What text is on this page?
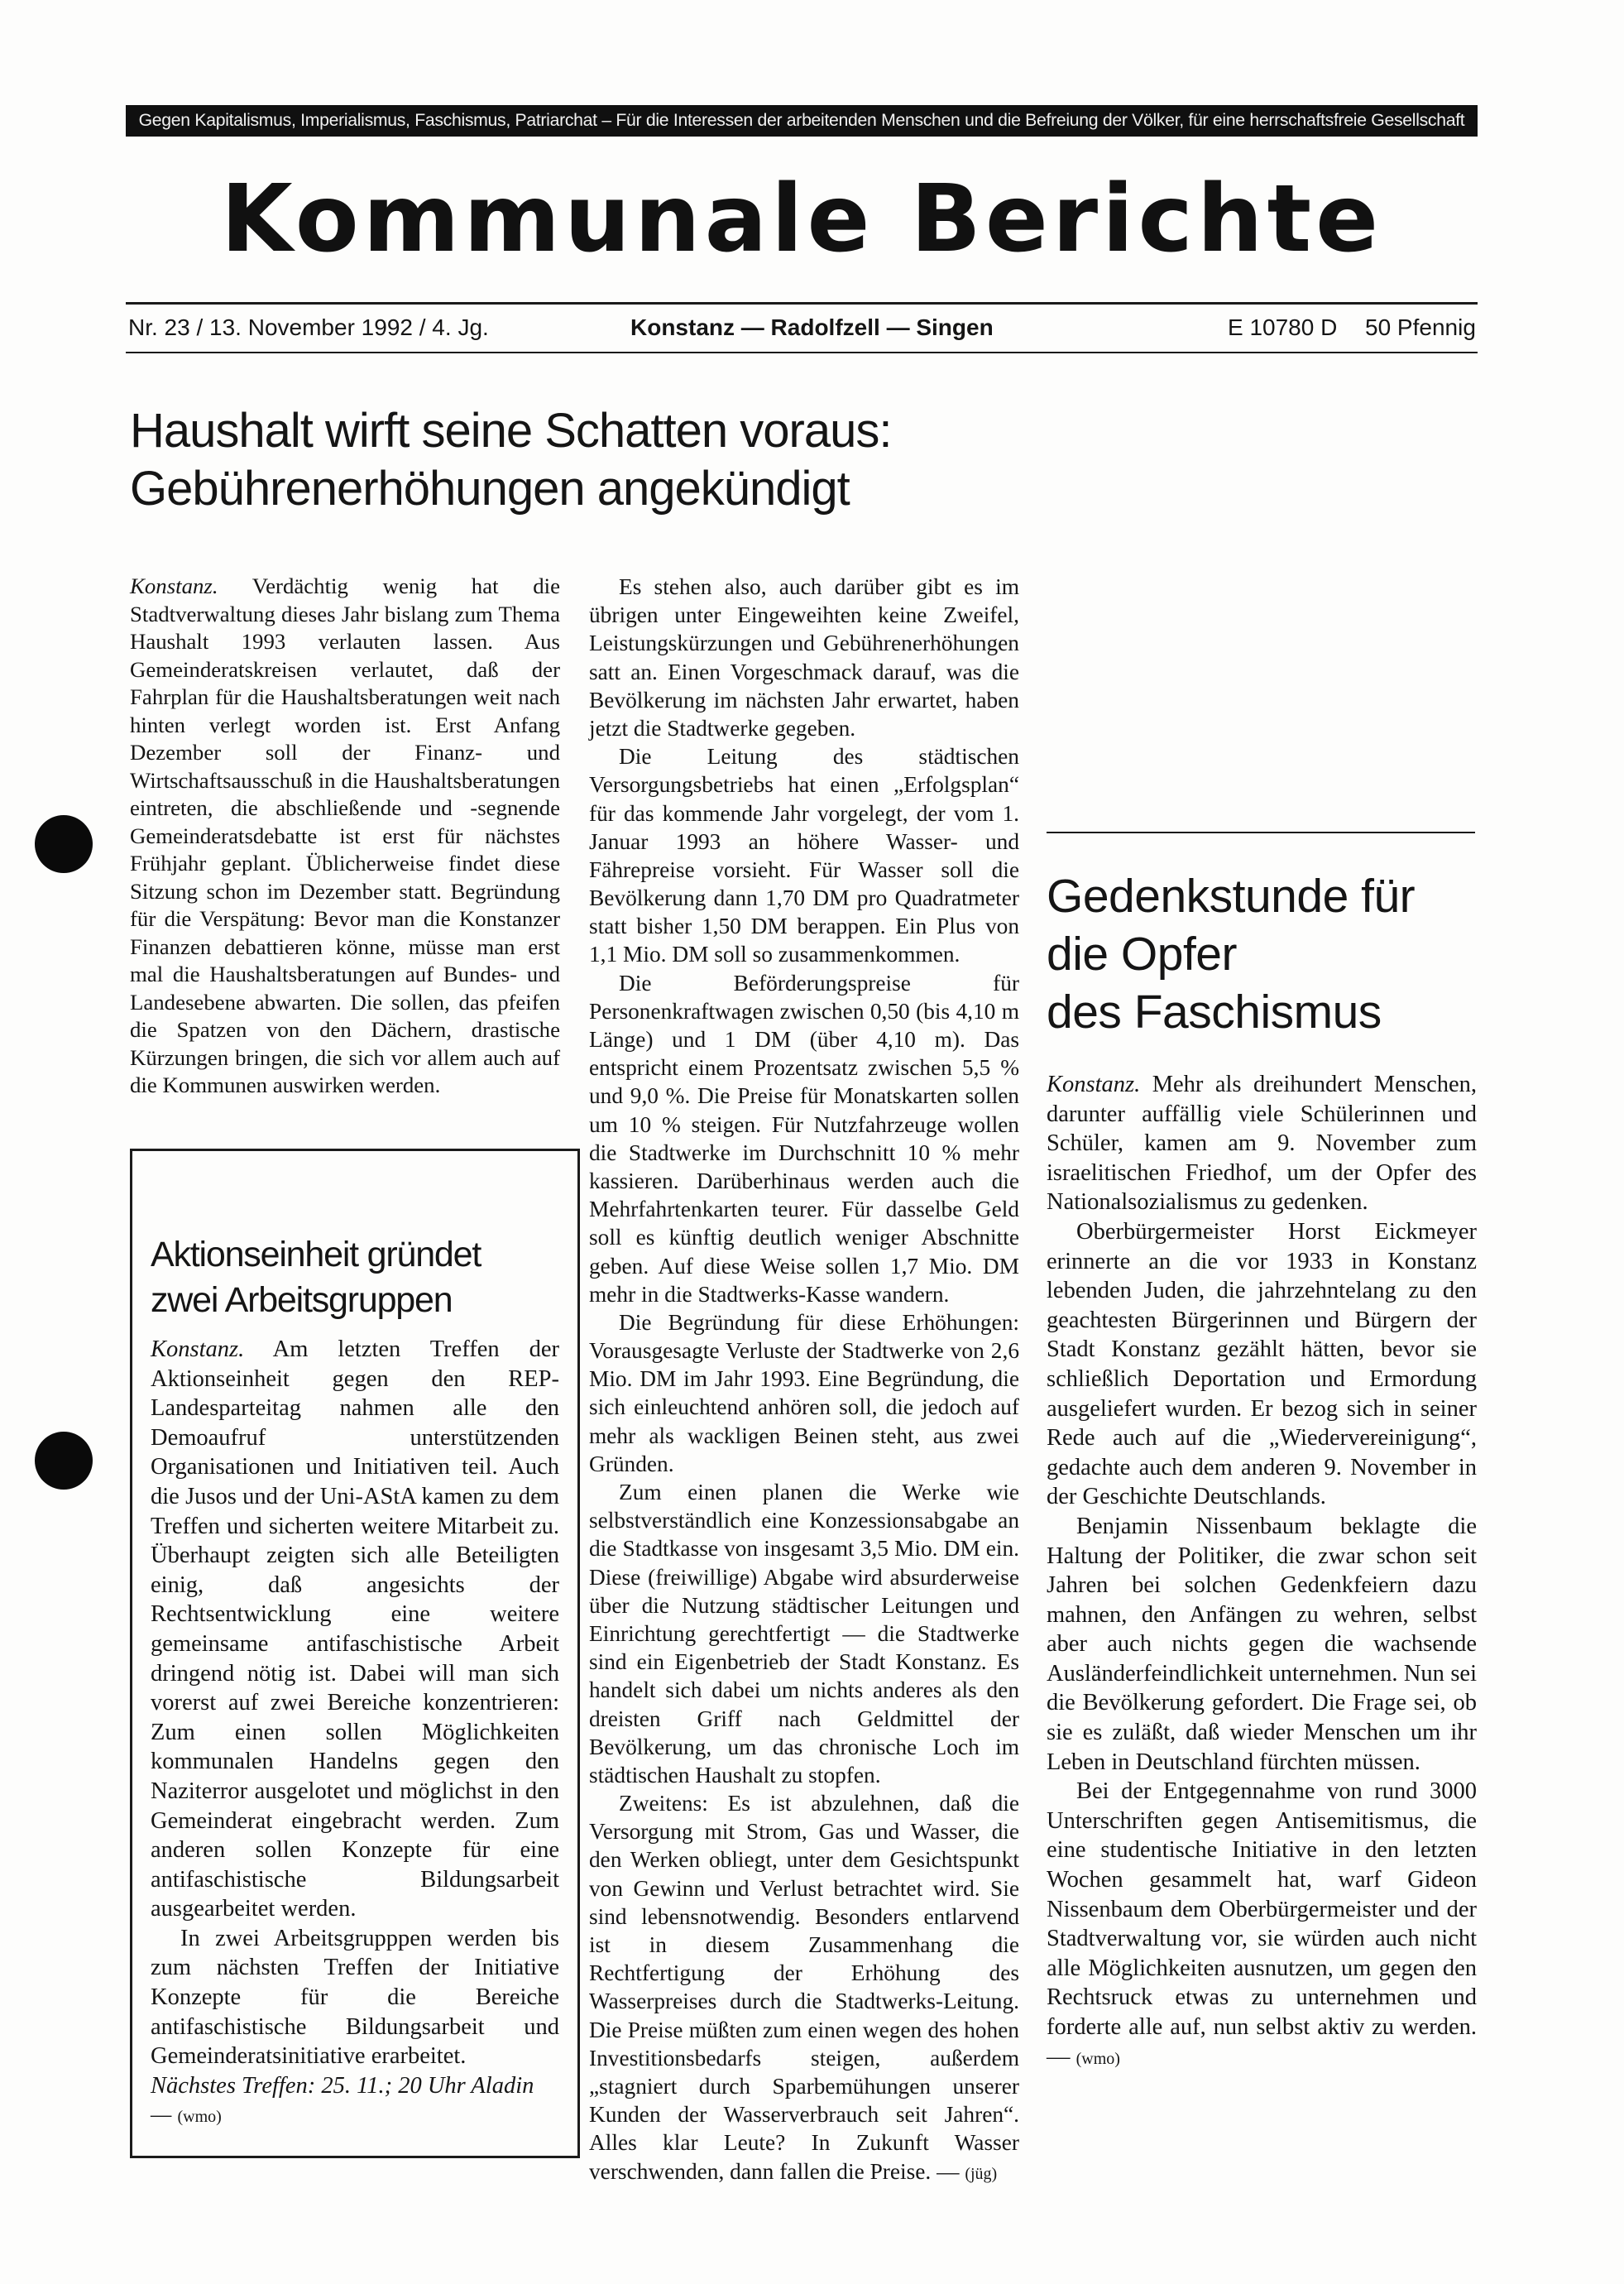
Gegen Kapitalismus, Imperialismus, Faschismus, Patriarchat – Für die Interessen der arbeitenden Menschen und die Befreiung der Völker, für eine herrschaftsfreie Gesellschaft
Kommunale Berichte
Nr. 23 / 13. November 1992 / 4. Jg.	Konstanz — Radolfzell — Singen	E 10780 D 50 Pfennig
Haushalt wirft seine Schatten voraus:
Gebührenerhöhungen angekündigt

Konstanz. Verdächtig wenig hat die Stadtverwaltung dieses Jahr bislang zum Thema Haushalt 1993 verlauten lassen. Aus Gemeinderatskreisen verlautet, daß der Fahrplan für die Haushaltsberatungen weit nach hinten verlegt worden ist. Erst Anfang Dezember soll der Finanz- und Wirtschaftsausschuß in die Haushaltsberatungen eintreten, die abschließende und -segnende Gemeinderatsdebatte ist erst für nächstes Frühjahr geplant. Üblicherweise findet diese Sitzung schon im Dezember statt. Begründung für die Verspätung: Bevor man die Konstanzer Finanzen debattieren könne, müsse man erst mal die Haushaltsberatungen auf Bundes- und Landesebene abwarten. Die sollen, das pfeifen die Spatzen von den Dächern, drastische Kürzungen bringen, die sich vor allem auch auf die Kommunen auswirken werden.

Es stehen also, auch darüber gibt es im übrigen unter Eingeweihten keine Zweifel, Leistungskürzungen und Gebührenerhöhungen satt an. Einen Vorgeschmack darauf, was die Bevölkerung im nächsten Jahr erwartet, haben jetzt die Stadtwerke gegeben.

Die Leitung des städtischen Versorgungsbetriebs hat einen „Erfolgsplan“ für das kommende Jahr vorgelegt, der vom 1. Januar 1993 an höhere Wasser- und Fährepreise vorsieht. Für Wasser soll die Bevölkerung dann 1,70 DM pro Quadratmeter statt bisher 1,50 DM berappen. Ein Plus von 1,1 Mio. DM soll so zusammenkommen.

Die Beförderungspreise für Personenkraftwagen zwischen 0,50 (bis 4,10 m Länge) und 1 DM (über 4,10 m). Das entspricht einem Prozentsatz zwischen 5,5 % und 9,0 %. Die Preise für Monatskarten sollen um 10 % steigen. Für Nutzfahrzeuge wollen die Stadtwerke im Durchschnitt 10 % mehr kassieren. Darüberhinaus werden auch die Mehrfahrtenkarten teurer. Für dasselbe Geld soll es künftig deutlich weniger Abschnitte geben. Auf diese Weise sollen 1,7 Mio. DM mehr in die Stadtwerks-Kasse wandern.

Die Begründung für diese Erhöhungen: Vorausgesagte Verluste der Stadtwerke von 2,6 Mio. DM im Jahr 1993. Eine Begründung, die sich einleuchtend anhören soll, die jedoch auf mehr als wackligen Beinen steht, aus zwei Gründen.

Zum einen planen die Werke wie selbstverständlich eine Konzessionsabgabe an die Stadtkasse von insgesamt 3,5 Mio. DM ein. Diese (freiwillige) Abgabe wird absurderweise über die Nutzung städtischer Leitungen und Einrichtung gerechtfertigt — die Stadtwerke sind ein Eigenbetrieb der Stadt Konstanz. Es handelt sich dabei um nichts anderes als den dreisten Griff nach Geldmittel der Bevölkerung, um das chronische Loch im städtischen Haushalt zu stopfen.

Zweitens: Es ist abzulehnen, daß die Versorgung mit Strom, Gas und Wasser, die den Werken obliegt, unter dem Gesichtspunkt von Gewinn und Verlust betrachtet wird. Sie sind lebensnotwendig. Besonders entlarvend ist in diesem Zusammenhang die Rechtfertigung der Erhöhung des Wasserpreises durch die Stadtwerks-Leitung. Die Preise müßten zum einen wegen des hohen Investitionsbedarfs steigen, außerdem „stagniert durch Sparbemühungen unserer Kunden der Wasserverbrauch seit Jahren“. Alles klar Leute? In Zukunft Wasser verschwenden, dann fallen die Preise. — (jüg)

Aktionseinheit gründet
zwei Arbeitsgruppen

Konstanz. Am letzten Treffen der Aktionseinheit gegen den REP-Landesparteitag nahmen alle den Demoaufruf unterstützenden Organisationen und Initiativen teil. Auch die Jusos und der Uni-AStA kamen zu dem Treffen und sicherten weitere Mitarbeit zu. Überhaupt zeigten sich alle Beteiligten einig, daß angesichts der Rechtsentwicklung eine weitere gemeinsame antifaschistische Arbeit dringend nötig ist. Dabei will man sich vorerst auf zwei Bereiche konzentrieren: Zum einen sollen Möglichkeiten kommunalen Handelns gegen den Naziterror ausgelotet und möglichst in den Gemeinderat eingebracht werden. Zum anderen sollen Konzepte für eine antifaschistische Bildungsarbeit ausgearbeitet werden.

In zwei Arbeitsgrupppen werden bis zum nächsten Treffen der Initiative Konzepte für die Bereiche antifaschistische Bildungsarbeit und Gemeinderatsinitiative erarbeitet.

Nächstes Treffen: 25. 11.; 20 Uhr Aladin — (wmo)

Gedenkstunde für
die Opfer
des Faschismus

Konstanz. Mehr als dreihundert Menschen, darunter auffällig viele Schülerinnen und Schüler, kamen am 9. November zum israelitischen Friedhof, um der Opfer des Nationalsozialismus zu gedenken.

Oberbürgermeister Horst Eickmeyer erinnerte an die vor 1933 in Konstanz lebenden Juden, die jahrzehntelang zu den geachtesten Bürgerinnen und Bürgern der Stadt Konstanz gezählt hätten, bevor sie schließlich Deportation und Ermordung ausgeliefert wurden. Er bezog sich in seiner Rede auch auf die „Wiedervereinigung“, gedachte auch dem anderen 9. November in der Geschichte Deutschlands.

Benjamin Nissenbaum beklagte die Haltung der Politiker, die zwar schon seit Jahren bei solchen Gedenkfeiern dazu mahnen, den Anfängen zu wehren, selbst aber auch nichts gegen die wachsende Ausländerfeindlichkeit unternehmen. Nun sei die Bevölkerung gefordert. Die Frage sei, ob sie es zuläßt, daß wieder Menschen um ihr Leben in Deutschland fürchten müssen.

Bei der Entgegennahme von rund 3000 Unterschriften gegen Antisemitismus, die eine studentische Initiative in den letzten Wochen gesammelt hat, warf Gideon Nissenbaum dem Oberbürgermeister und der Stadtverwaltung vor, sie würden auch nicht alle Möglichkeiten ausnutzen, um gegen den Rechtsruck etwas zu unternehmen und forderte alle auf, nun selbst aktiv zu werden. — (wmo)
